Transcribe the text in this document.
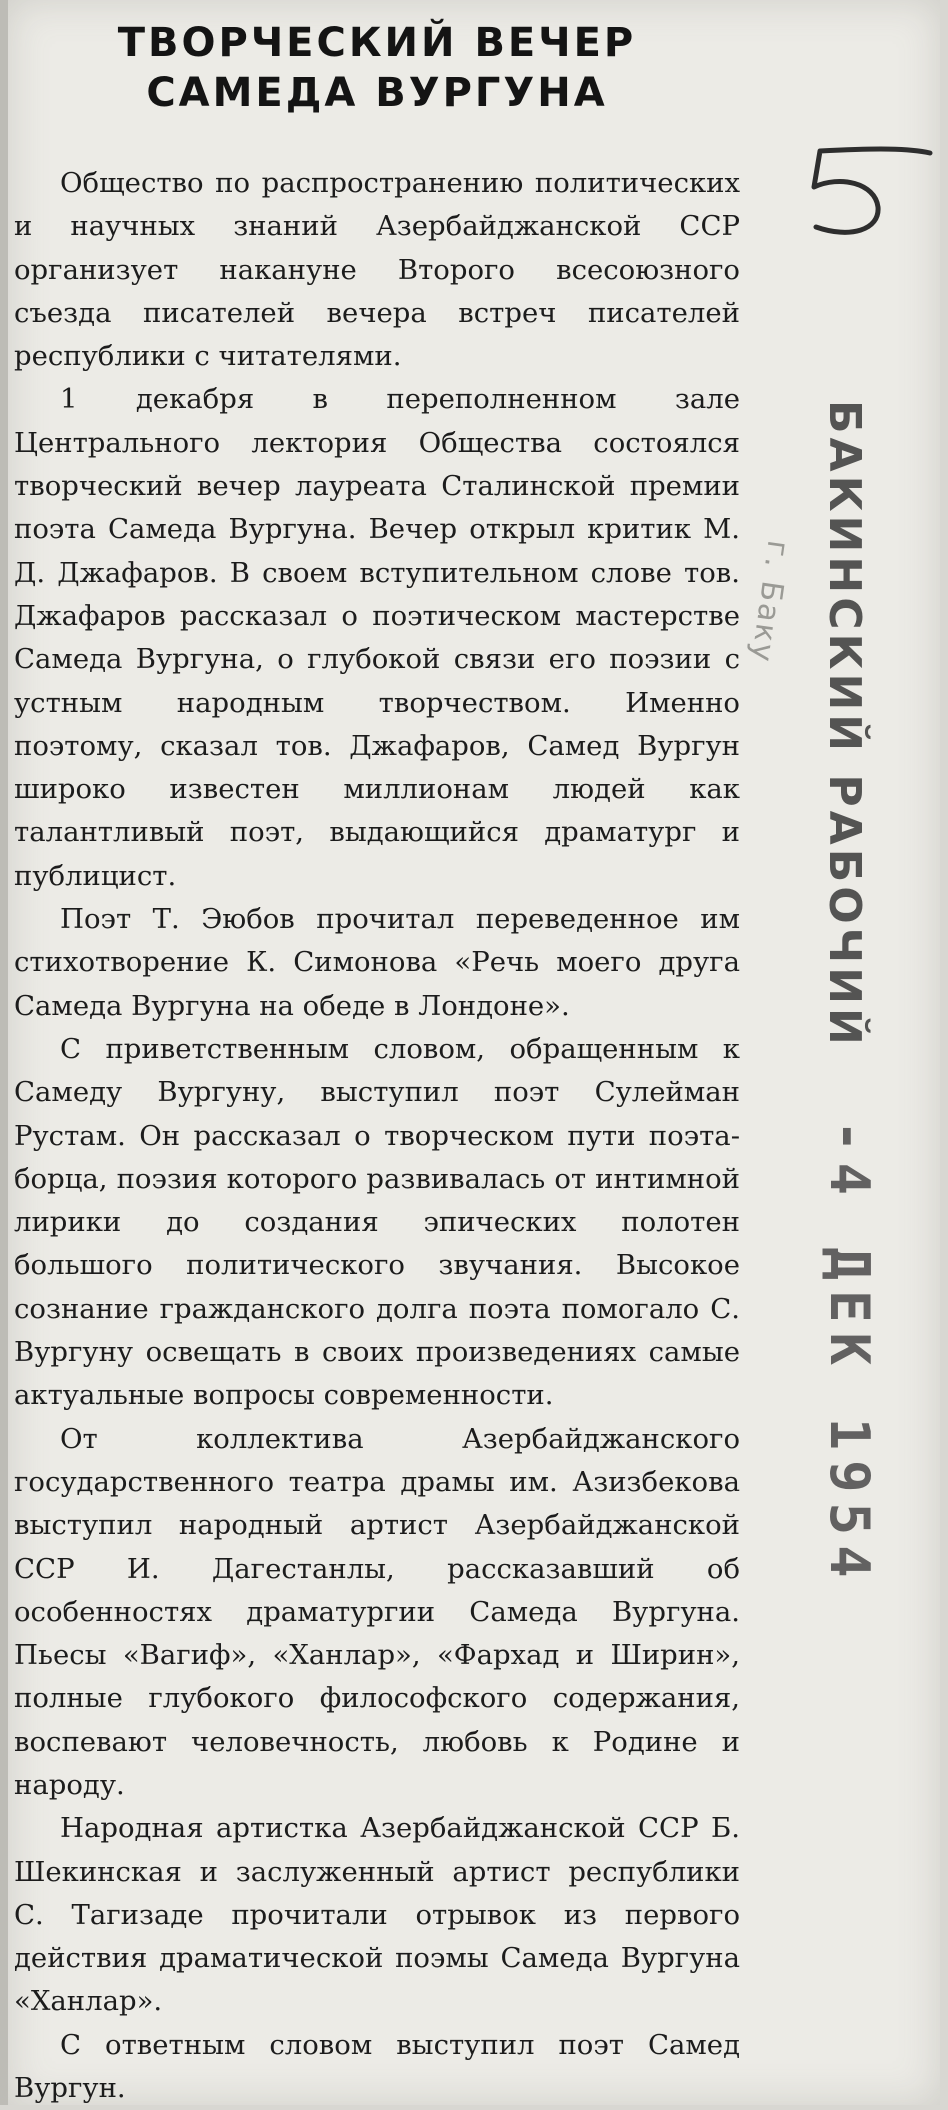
ТВОРЧЕСКИЙ ВЕЧЕР
САМЕДА ВУРГУНА

Общество по распространению политических и научных знаний Азербайджанской ССР организует накануне Второго всесоюзного съезда писателей вечера встреч писателей республики с читателями.

1 декабря в переполненном зале Центрального лектория Общества состоялся творческий вечер лауреата Сталинской премии поэта Самеда Вургуна. Вечер открыл критик М. Д. Джафаров. В своем вступительном слове тов. Джафаров рассказал о поэтическом мастерстве Самеда Вургуна, о глубокой связи его поэзии с устным народным творчеством. Именно поэтому, сказал тов. Джафаров, Самед Вургун широко известен миллионам людей как талантливый поэт, выдающийся драматург и публицист.

Поэт Т. Эюбов прочитал переведенное им стихотворение К. Симонова «Речь моего друга Самеда Вургуна на обеде в Лондоне».

С приветственным словом, обращенным к Самеду Вургуну, выступил поэт Сулейман Рустам. Он рассказал о творческом пути поэта-борца, поэзия которого развивалась от интимной лирики до создания эпических полотен большого политического звучания. Высокое сознание гражданского долга поэта помогало С. Вургуну освещать в своих произведениях самые актуальные вопросы современности.

От коллектива Азербайджанского государственного театра драмы им. Азизбекова выступил народный артист Азербайджанской ССР И. Дагестанлы, рассказавший об особенностях драматургии Самеда Вургуна. Пьесы «Вагиф», «Ханлар», «Фархад и Ширин», полные глубокого философского содержания, воспевают человечность, любовь к Родине и народу.

Народная артистка Азербайджанской ССР Б. Шекинская и заслуженный артист республики С. Тагизаде прочитали отрывок из первого действия драматической поэмы Самеда Вургуна «Ханлар».

С ответным словом выступил поэт Самед Вургун.

г. Баку БАКИНСКИЙ РАБОЧИЙ
-4 ДЕК 1954
